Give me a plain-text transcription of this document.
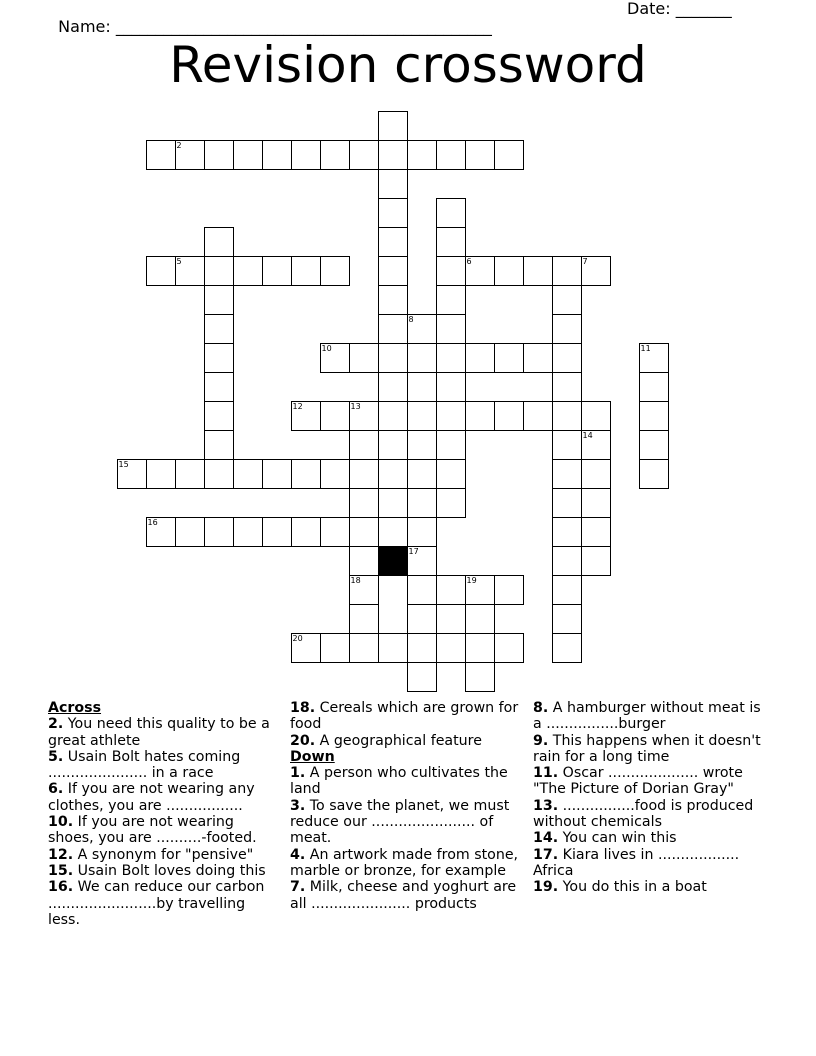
Name: _______________________________________________

Date: _______

Revision crossword
2
5	6	7
8
17
10	11
12	13
18
15
16
14
19
20
Across
2. You need this quality to be a great athlete
5. Usain Bolt hates coming ...................... in a race
6. If you are not wearing any clothes, you are .................
10. If you are not wearing shoes, you are ..........-footed.
12. A synonym for "pensive"
15. Usain Bolt loves doing this
16. We can reduce our carbon ........................by travelling less.
18. Cereals which are grown for food
20. A geographical feature
Down
1. A person who cultivates the land
3. To save the planet, we must reduce our ....................... of meat.
4. An artwork made from stone, marble or bronze, for example
7. Milk, cheese and yoghurt are all ...................... products
8. A hamburger without meat is a ................burger
9. This happens when it doesn't rain for a long time
11. Oscar .................... wrote "The Picture of Dorian Gray"
13. ................food is produced without chemicals
14. You can win this
17. Kiara lives in .................. Africa
19. You do this in a boat
